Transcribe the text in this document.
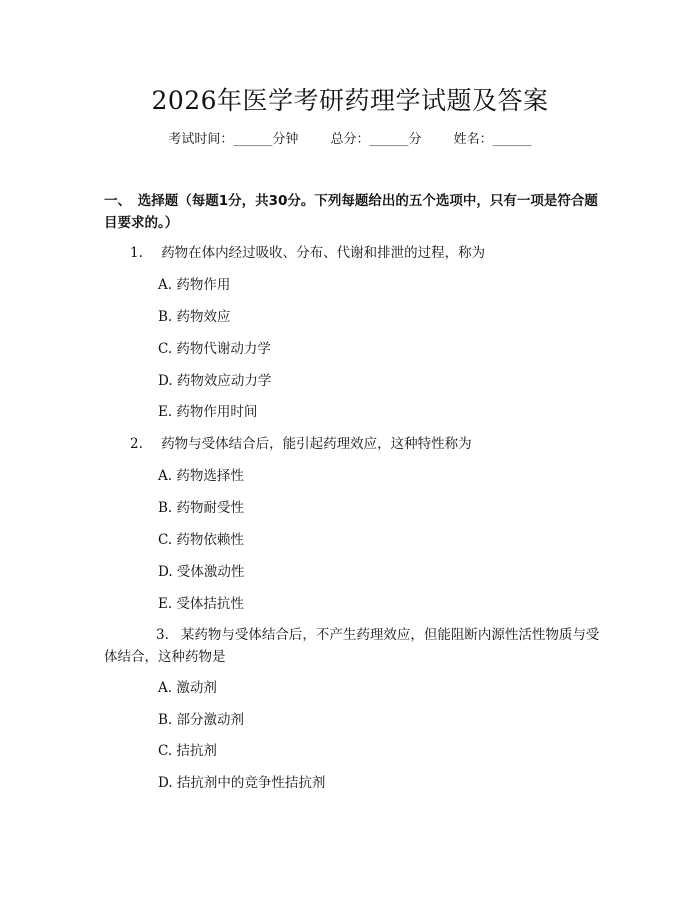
2026年医学考研药理学试题及答案
考试时间：______分钟 总分：______分 姓名：______
一、　选择题（每题1分，共30分。下列每题给出的五个选项中，只有一项是符合题目要求的。）
1. 药物在体内经过吸收、分布、代谢和排泄的过程，称为
A. 药物作用
B. 药物效应
C. 药物代谢动力学
D. 药物效应动力学
E. 药物作用时间
2. 药物与受体结合后，能引起药理效应，这种特性称为
A. 药物选择性
B. 药物耐受性
C. 药物依赖性
D. 受体激动性
E. 受体拮抗性
3. 某药物与受体结合后，不产生药理效应，但能阻断内源性活性物质与受体结合，这种药物是
A. 激动剂
B. 部分激动剂
C. 拮抗剂
D. 拮抗剂中的竞争性拮抗剂
